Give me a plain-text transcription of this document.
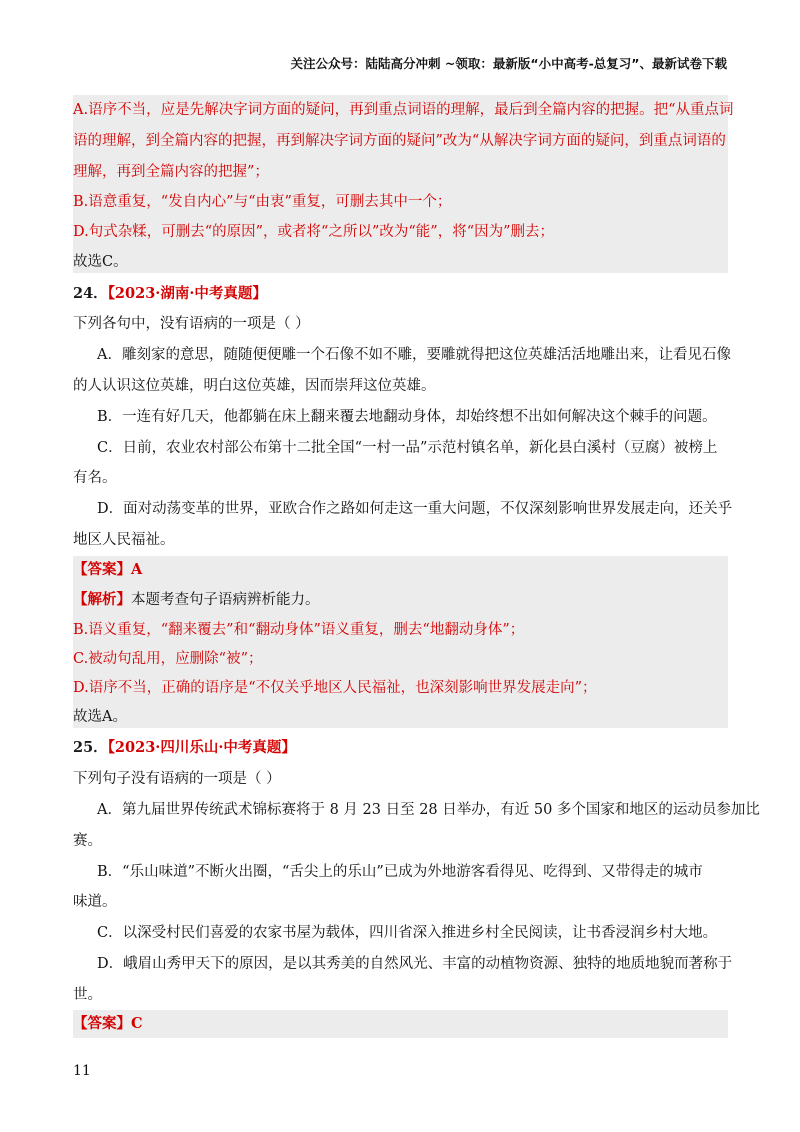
关注公众号：陆陆高分冲刺 ~领取：最新版“小中高考-总复习”、最新试卷下载
A.语序不当，应是先解决字词方面的疑问，再到重点词语的理解，最后到全篇内容的把握。把“从重点词
语的理解，到全篇内容的把握，再到解决字词方面的疑问”改为“从解决字词方面的疑问，到重点词语的
理解，再到全篇内容的把握”；
B.语意重复，“发自内心”与“由衷”重复，可删去其中一个；
D.句式杂糅，可删去“的原因”，或者将“之所以”改为“能”，将“因为”删去；
故选C。
24．【2023·湖南·中考真题】
下列各句中，• • 没有语病的一项是（ ）
A．雕刻家的意思，随随便便雕一个石像不如不雕，要雕就得把这位英雄活活地雕出来，让看见石像
的人认识这位英雄，明白这位英雄，因而崇拜这位英雄。
B．一连有好几天，他都躺在床上翻来覆去地翻动身体，却始终想不出如何解决这个棘手的问题。
C．日前，农业农村部公布第十二批全国“一村一品”示范村镇名单，新化县白溪村（豆腐）被榜上
有名。
D．面对动荡变革的世界，亚欧合作之路如何走这一重大问题，不仅深刻影响世界发展走向，还关乎
地区人民福祉。
【答案】A
【解析】本题考查句子语病辨析能力。
B.语义重复，“翻来覆去”和“翻动身体”语义重复，删去“地翻动身体”；
C.被动句乱用，应删除“被”；
D.语序不当，正确的语序是“不仅关乎地区人民福祉，也深刻影响世界发展走向”；
故选A。
25．【2023·四川乐山·中考真题】
下列句子没有语病的一项是（ ）
A．第九届世界传统武术锦标赛将于 8 月 23 日至 28 日举办，有近 50 多个国家和地区的运动员参加比
赛。
B．“乐山味道”不断火出圈，“舌尖上的乐山”已成为外地游客看得见、吃得到、又带得走的城市
味道。
C．以深受村民们喜爱的农家书屋为载体，四川省深入推进乡村全民阅读，让书香浸润乡村大地。
D．峨眉山秀甲天下的原因，是以其秀美的自然风光、丰富的动植物资源、独特的地质地貌而著称于
世。
【答案】C
11
